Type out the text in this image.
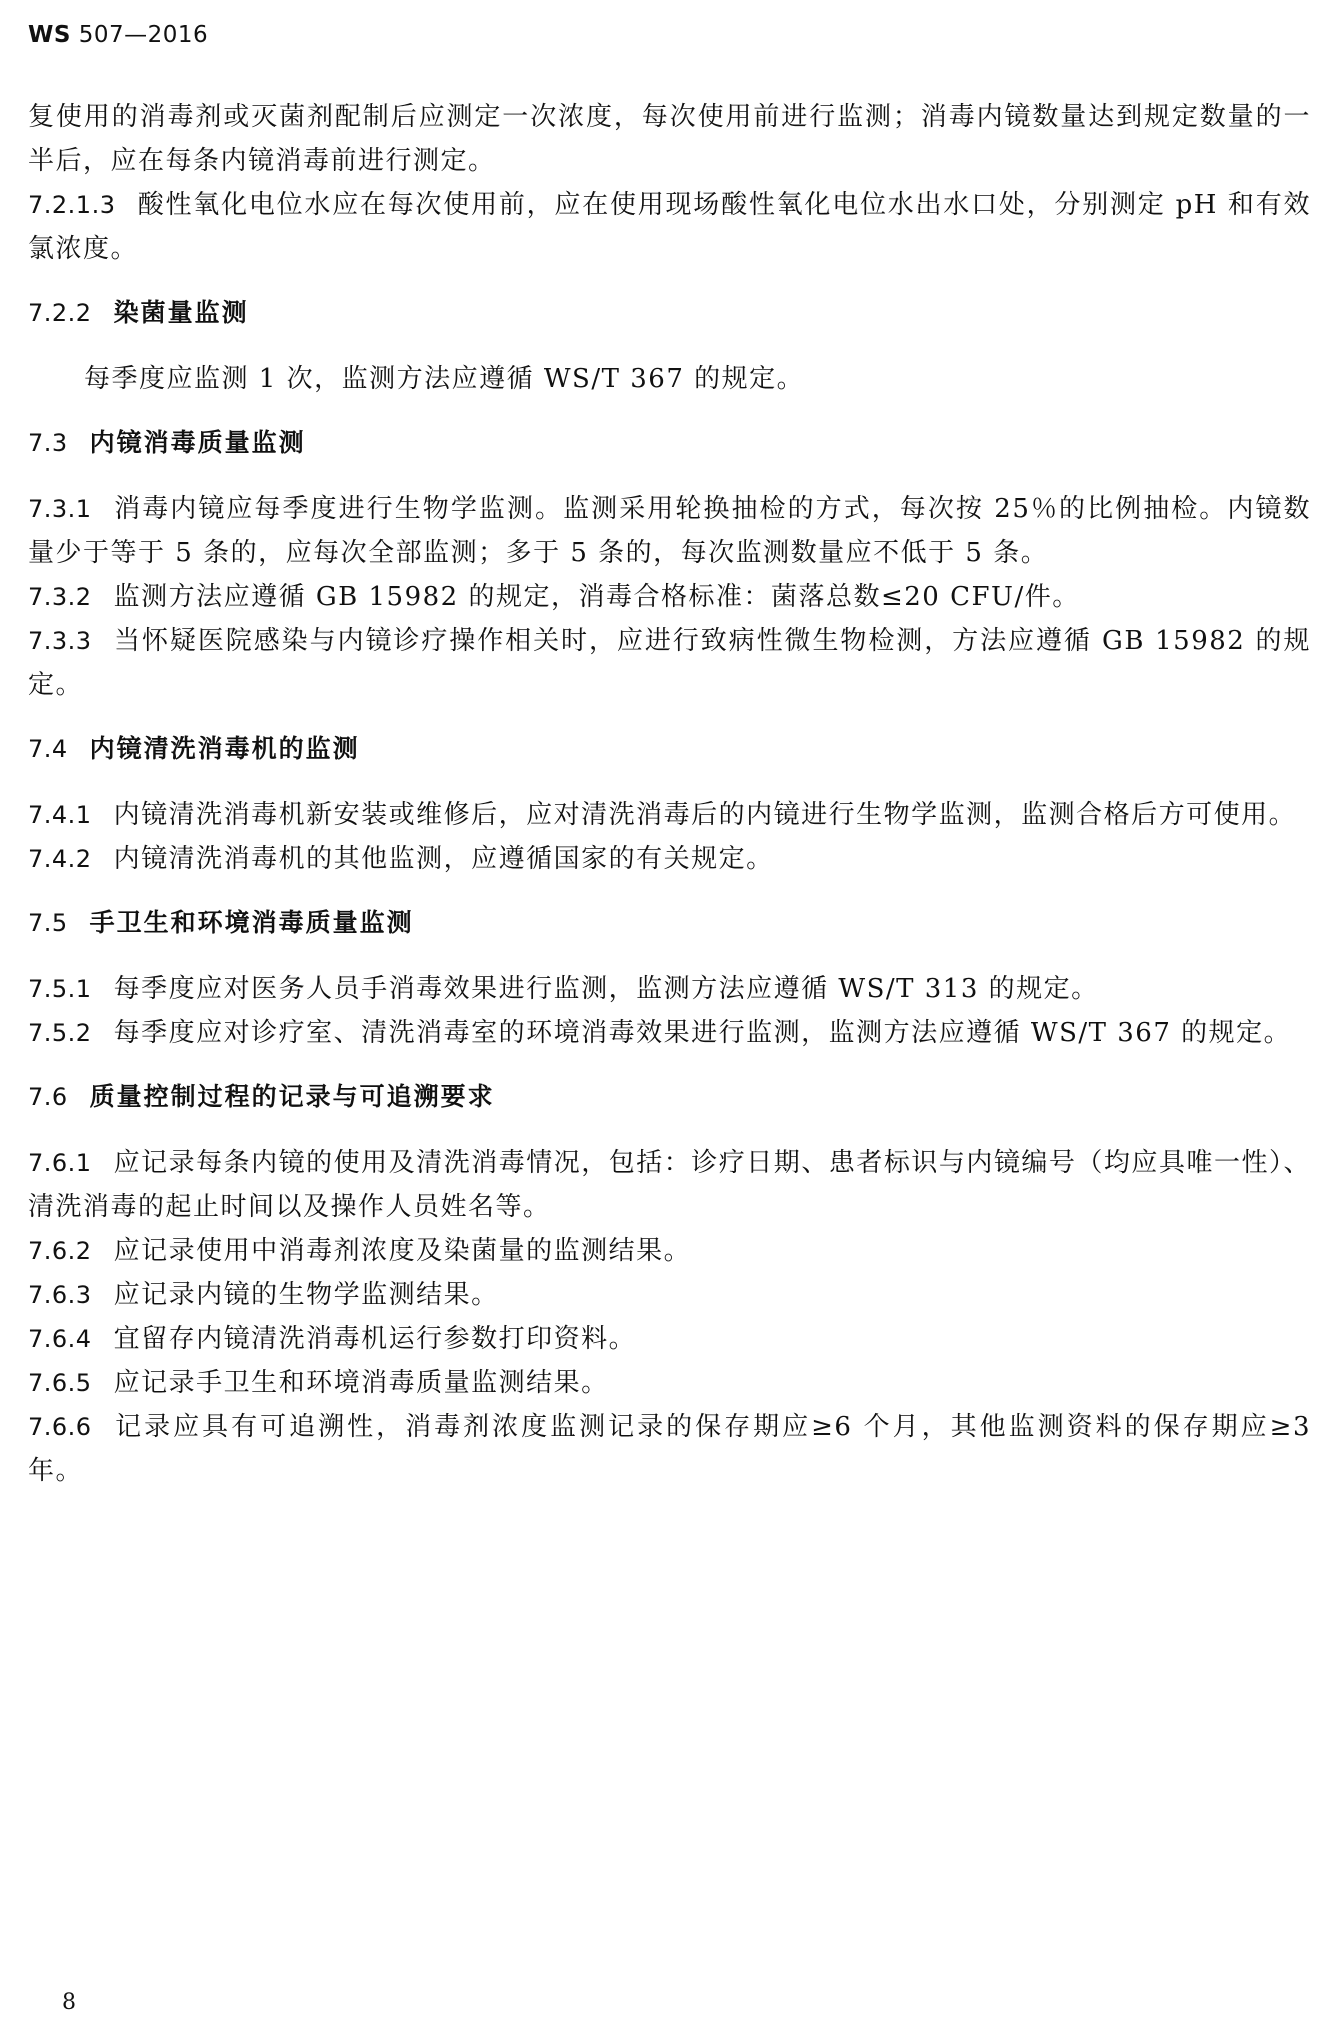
WS 507—2016

复使用的消毒剂或灭菌剂配制后应测定一次浓度，每次使用前进行监测；消毒内镜数量达到规定数量的一半后，应在每条内镜消毒前进行测定。

7.2.1.3 酸性氧化电位水应在每次使用前，应在使用现场酸性氧化电位水出水口处，分别测定 pH 和有效氯浓度。

7.2.2 染菌量监测

每季度应监测 1 次，监测方法应遵循 WS/T 367 的规定。

7.3 内镜消毒质量监测

7.3.1 消毒内镜应每季度进行生物学监测。监测采用轮换抽检的方式，每次按 25％的比例抽检。内镜数量少于等于 5 条的，应每次全部监测；多于 5 条的，每次监测数量应不低于 5 条。

7.3.2 监测方法应遵循 GB 15982 的规定，消毒合格标准：菌落总数≤20 CFU/件。

7.3.3 当怀疑医院感染与内镜诊疗操作相关时，应进行致病性微生物检测，方法应遵循 GB 15982 的规定。

7.4 内镜清洗消毒机的监测

7.4.1 内镜清洗消毒机新安装或维修后，应对清洗消毒后的内镜进行生物学监测，监测合格后方可使用。

7.4.2 内镜清洗消毒机的其他监测，应遵循国家的有关规定。

7.5 手卫生和环境消毒质量监测

7.5.1 每季度应对医务人员手消毒效果进行监测，监测方法应遵循 WS/T 313 的规定。

7.5.2 每季度应对诊疗室、清洗消毒室的环境消毒效果进行监测，监测方法应遵循 WS/T 367 的规定。

7.6 质量控制过程的记录与可追溯要求

7.6.1 应记录每条内镜的使用及清洗消毒情况，包括：诊疗日期、患者标识与内镜编号（均应具唯一性）、清洗消毒的起止时间以及操作人员姓名等。

7.6.2 应记录使用中消毒剂浓度及染菌量的监测结果。

7.6.3 应记录内镜的生物学监测结果。

7.6.4 宜留存内镜清洗消毒机运行参数打印资料。

7.6.5 应记录手卫生和环境消毒质量监测结果。

7.6.6 记录应具有可追溯性，消毒剂浓度监测记录的保存期应≥6 个月，其他监测资料的保存期应≥3 年。

8
